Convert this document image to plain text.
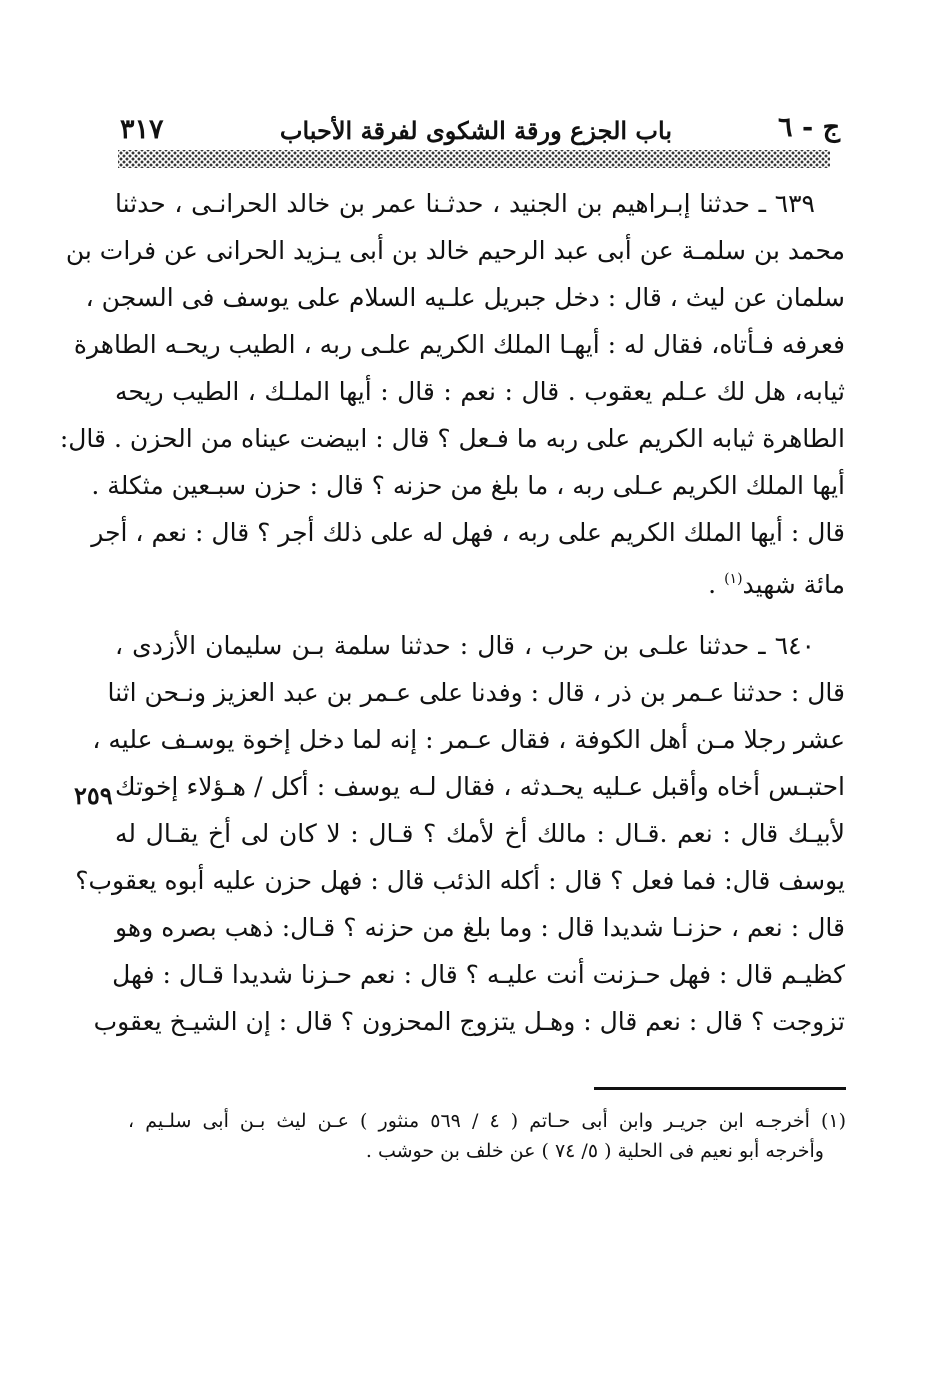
ج - ٦
باب الجزع ورقة الشكوى لفرقة الأحباب
٣١٧

٦٣٩ ـ حدثنا إبـراهيم بن الجنيد ، حدثـنا عمر بن خالد الحرانـى ، حدثنا
محمد بن سلمـة عن أبى عبد الرحيم خالد بن أبى يـزيد الحرانى عن فرات بن
سلمان عن ليث ، قال : دخل جبريل علـيه السلام على يوسف فى السجن ،
فعرفه فـأتاه، فقال له : أيهـا الملك الكريم علـى ربه ، الطيب ريحـه الطاهرة
ثيابه، هل لك عـلم يعقوب . قال : نعم : قال : أيها الملـك ، الطيب ريحه
الطاهرة ثيابه الكريم على ربه ما فـعل ؟ قال : ابيضت عيناه من الحزن . قال:
أيها الملك الكريم عـلى ربه ، ما بلغ من حزنه ؟ قال : حزن سبـعين مثكلة .
قال : أيها الملك الكريم على ربه ، فهل له على ذلك أجر ؟ قال : نعم ، أجر
مائة شهيد$^{(١)}$ .

٦٤٠ ـ حدثنا علـى بن حرب ، قال : حدثنا سلمة بـن سليمان الأزدى ،
قال : حدثنا عـمر بن ذر ، قال : وفدنا على عـمر بن عبد العزيز ونـحن اثنا
عشر رجلا مـن أهل الكوفة ، فقال عـمر : إنه لما دخل إخوة يوسـف عليه ،
احتبـس أخاه وأقبل عـليه يحـدثه ، فقال لـه يوسف : أكل / هـؤلاء إخوتك
لأبيـك قال : نعم .قـال : مالك أخ لأمك ؟ قـال : لا كان لى أخ يقـال له
يوسف قال: فما فعل ؟ قال : أكله الذئب قال : فهل حزن عليه أبوه يعقوب؟
قال : نعم ، حزنـا شديدا قال : وما بلغ من حزنه ؟ قـال: ذهب بصره وهو
كظيـم قال : فهل حـزنت أنت عليـه ؟ قال : نعم حـزنا شديدا قـال : فهل
تزوجت ؟ قال : نعم قال : وهـل يتزوج المحزون ؟ قال : إن الشيـخ يعقوب

٢٥٩
(١) أخرجـه ابن جريـر وابن أبى حـاتم ( ٤ / ٥٦٩ منثور ) عـن ليث بـن أبى سلـيم ،
وأخرجه أبو نعيم فى الحلية ( ٥/ ٧٤ ) عن خلف بن حوشب .
